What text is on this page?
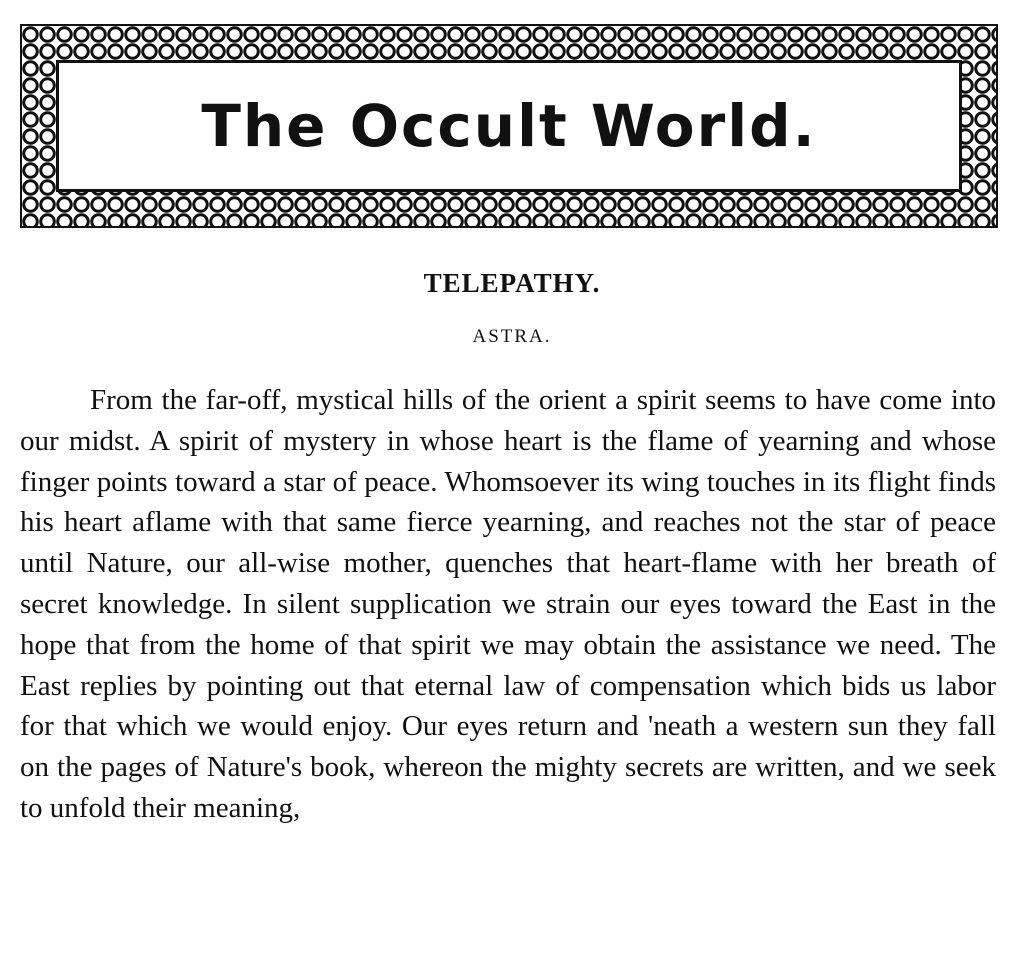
The Occult World.
TELEPATHY.

ASTRA.

From the far-off, mystical hills of the orient a spirit seems to have come into our midst. A spirit of mystery in whose heart is the flame of yearning and whose finger points toward a star of peace. Whomsoever its wing touches in its flight finds his heart aflame with that same fierce yearning, and reaches not the star of peace until Nature, our all-wise mother, quenches that heart-flame with her breath of secret knowledge. In silent supplication we strain our eyes toward the East in the hope that from the home of that spirit we may obtain the assistance we need. The East replies by pointing out that eternal law of compensation which bids us labor for that which we would enjoy. Our eyes return and 'neath a western sun they fall on the pages of Nature's book, whereon the mighty secrets are written, and we seek to unfold their meaning,
